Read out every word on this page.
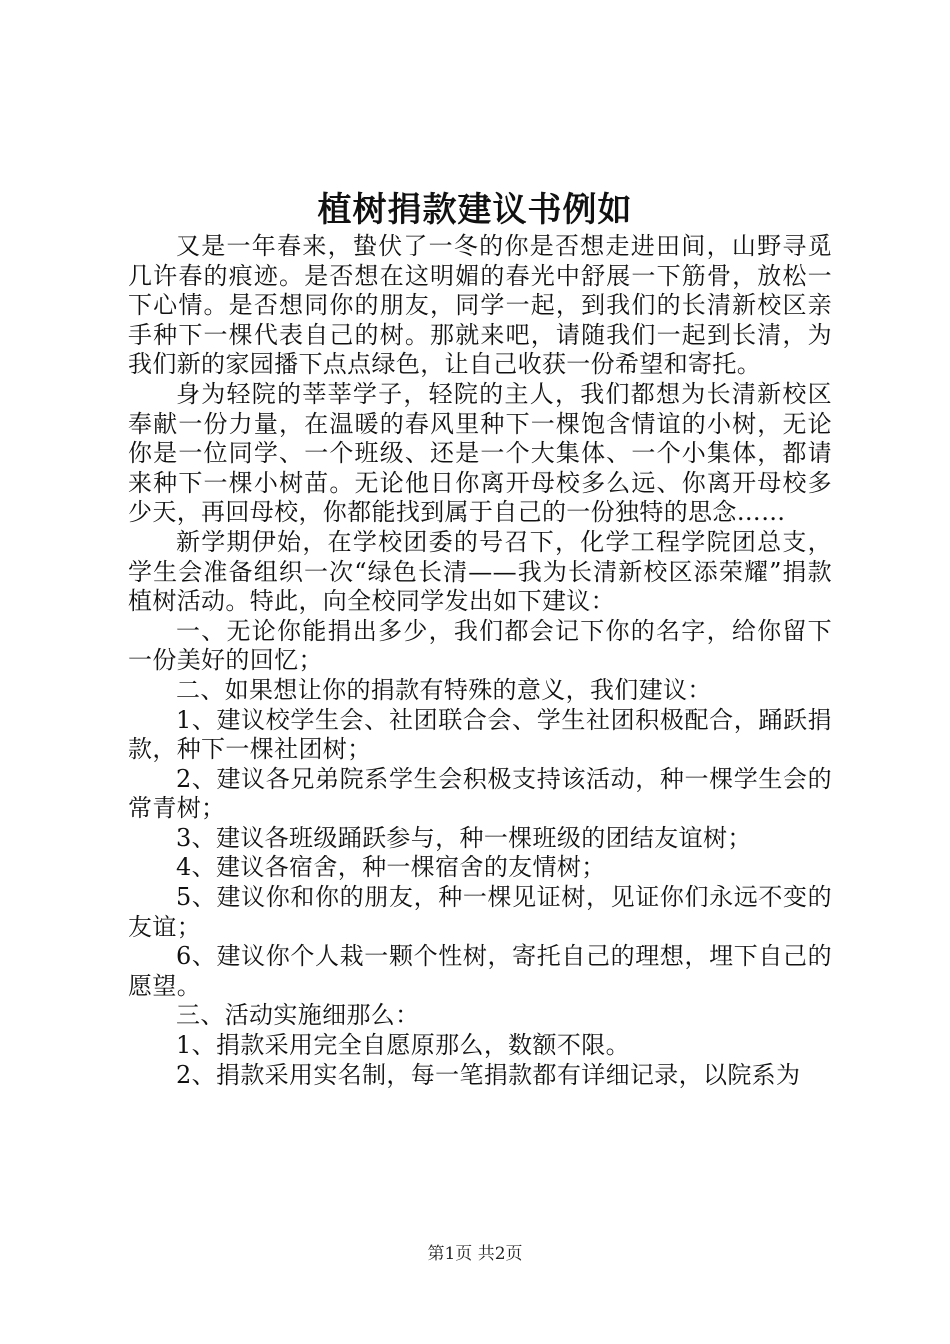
植树捐款建议书例如

又是一年春来，蛰伏了一冬的你是否想走进田间，山野寻觅几许春的痕迹。是否想在这明媚的春光中舒展一下筋骨，放松一下心情。是否想同你的朋友，同学一起，到我们的长清新校区亲手种下一棵代表自己的树。那就来吧，请随我们一起到长清，为我们新的家园播下点点绿色，让自己收获一份希望和寄托。

身为轻院的莘莘学子，轻院的主人，我们都想为长清新校区奉献一份力量，在温暖的春风里种下一棵饱含情谊的小树，无论你是一位同学、一个班级、还是一个大集体、一个小集体，都请来种下一棵小树苗。无论他日你离开母校多么远、你离开母校多少天，再回母校，你都能找到属于自己的一份独特的思念……

新学期伊始，在学校团委的号召下，化学工程学院团总支，学生会准备组织一次“绿色长清——我为长清新校区添荣耀”捐款植树活动。特此，向全校同学发出如下建议：

一、无论你能捐出多少，我们都会记下你的名字，给你留下一份美好的回忆；

二、如果想让你的捐款有特殊的意义，我们建议：

1、建议校学生会、社团联合会、学生社团积极配合，踊跃捐款，种下一棵社团树；

2、建议各兄弟院系学生会积极支持该活动，种一棵学生会的常青树；

3、建议各班级踊跃参与，种一棵班级的团结友谊树；

4、建议各宿舍，种一棵宿舍的友情树；

5、建议你和你的朋友，种一棵见证树，见证你们永远不变的友谊；

6、建议你个人栽一颗个性树，寄托自己的理想，埋下自己的愿望。

三、活动实施细那么：

1、捐款采用完全自愿原那么，数额不限。

2、捐款采用实名制，每一笔捐款都有详细记录，以院系为

第1页 共2页
